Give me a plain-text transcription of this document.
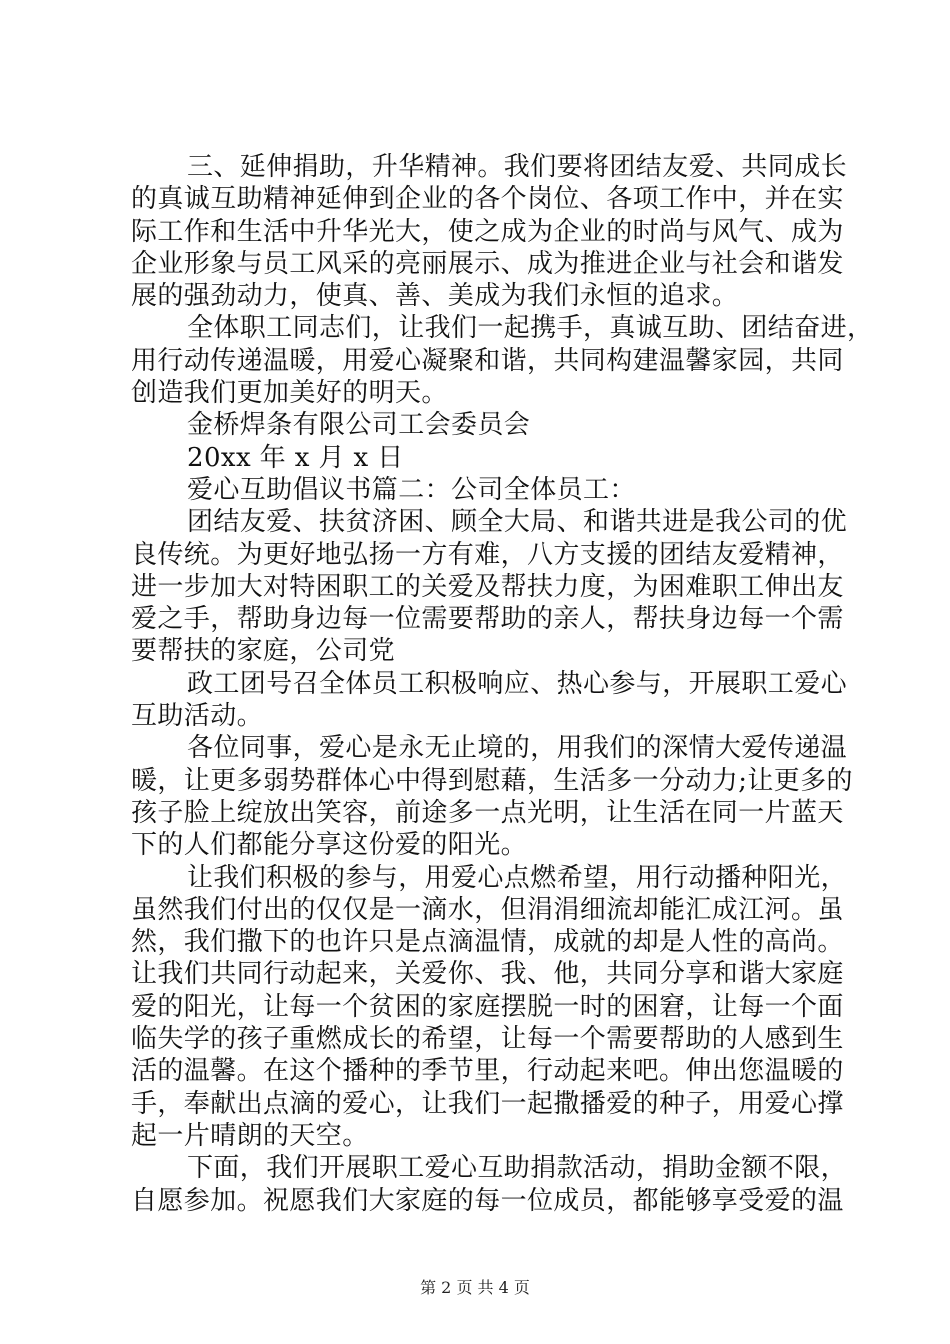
三、延伸捐助，升华精神。我们要将团结友爱、共同成长
的真诚互助精神延伸到企业的各个岗位、各项工作中，并在实
际工作和生活中升华光大，使之成为企业的时尚与风气、成为
企业形象与员工风采的亮丽展示、成为推进企业与社会和谐发
展的强劲动力，使真、善、美成为我们永恒的追求。
全体职工同志们，让我们一起携手，真诚互助、团结奋进，
用行动传递温暖，用爱心凝聚和谐，共同构建温馨家园，共同
创造我们更加美好的明天。
金桥焊条有限公司工会委员会
20xx 年 x 月 x 日
爱心互助倡议书篇二：公司全体员工：
团结友爱、扶贫济困、顾全大局、和谐共进是我公司的优
良传统。为更好地弘扬一方有难，八方支援的团结友爱精神，
进一步加大对特困职工的关爱及帮扶力度，为困难职工伸出友
爱之手，帮助身边每一位需要帮助的亲人，帮扶身边每一个需
要帮扶的家庭，公司党
政工团号召全体员工积极响应、热心参与，开展职工爱心
互助活动。
各位同事，爱心是永无止境的，用我们的深情大爱传递温
暖，让更多弱势群体心中得到慰藉，生活多一分动力;让更多的
孩子脸上绽放出笑容，前途多一点光明，让生活在同一片蓝天
下的人们都能分享这份爱的阳光。
让我们积极的参与，用爱心点燃希望，用行动播种阳光，
虽然我们付出的仅仅是一滴水，但涓涓细流却能汇成江河。虽
然，我们撒下的也许只是点滴温情，成就的却是人性的高尚。
让我们共同行动起来，关爱你、我、他，共同分享和谐大家庭
爱的阳光，让每一个贫困的家庭摆脱一时的困窘，让每一个面
临失学的孩子重燃成长的希望，让每一个需要帮助的人感到生
活的温馨。在这个播种的季节里，行动起来吧。伸出您温暖的
手，奉献出点滴的爱心，让我们一起撒播爱的种子，用爱心撑
起一片晴朗的天空。
下面，我们开展职工爱心互助捐款活动，捐助金额不限，
自愿参加。祝愿我们大家庭的每一位成员，都能够享受爱的温
第 2 页 共 4 页
